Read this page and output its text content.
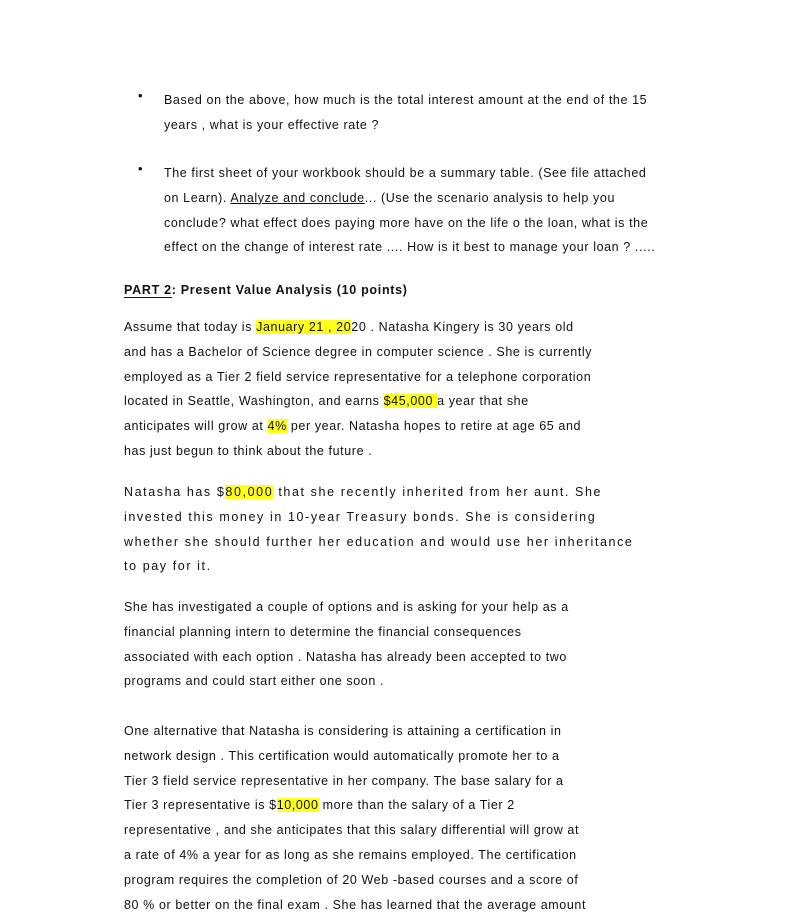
• Based on the above, how much is the total interest amount at the end of the 15
years , what is your effective rate ?
• The first sheet of your workbook should be a summary table. (See file attached
on Learn). Analyze and conclude... (Use the scenario analysis to help you
conclude? what effect does paying more have on the life o the loan, what is the
effect on the change of interest rate .... How is it best to manage your loan ? .....
PART 2: Present Value Analysis (10 points)
Assume that today is January 21 , 2020 . Natasha Kingery is 30 years old
and has a Bachelor of Science degree in computer science . She is currently
employed as a Tier 2 field service representative for a telephone corporation
located in Seattle, Washington, and earns $45,000 a year that she
anticipates will grow at 4% per year. Natasha hopes to retire at age 65 and
has just begun to think about the future .
Natasha has $80,000 that she recently inherited from her aunt. She
invested this money in 10-year Treasury bonds. She is considering
whether she should further her education and would use her inheritance
to pay for it.
She has investigated a couple of options and is asking for your help as a
financial planning intern to determine the financial consequences
associated with each option . Natasha has already been accepted to two
programs and could start either one soon .
One alternative that Natasha is considering is attaining a certification in
network design . This certification would automatically promote her to a
Tier 3 field service representative in her company. The base salary for a
Tier 3 representative is $10,000 more than the salary of a Tier 2
representative , and she anticipates that this salary differential will grow at
a rate of 4% a year for as long as she remains employed. The certification
program requires the completion of 20 Web -based courses and a score of
80 % or better on the final exam . She has learned that the average amount
